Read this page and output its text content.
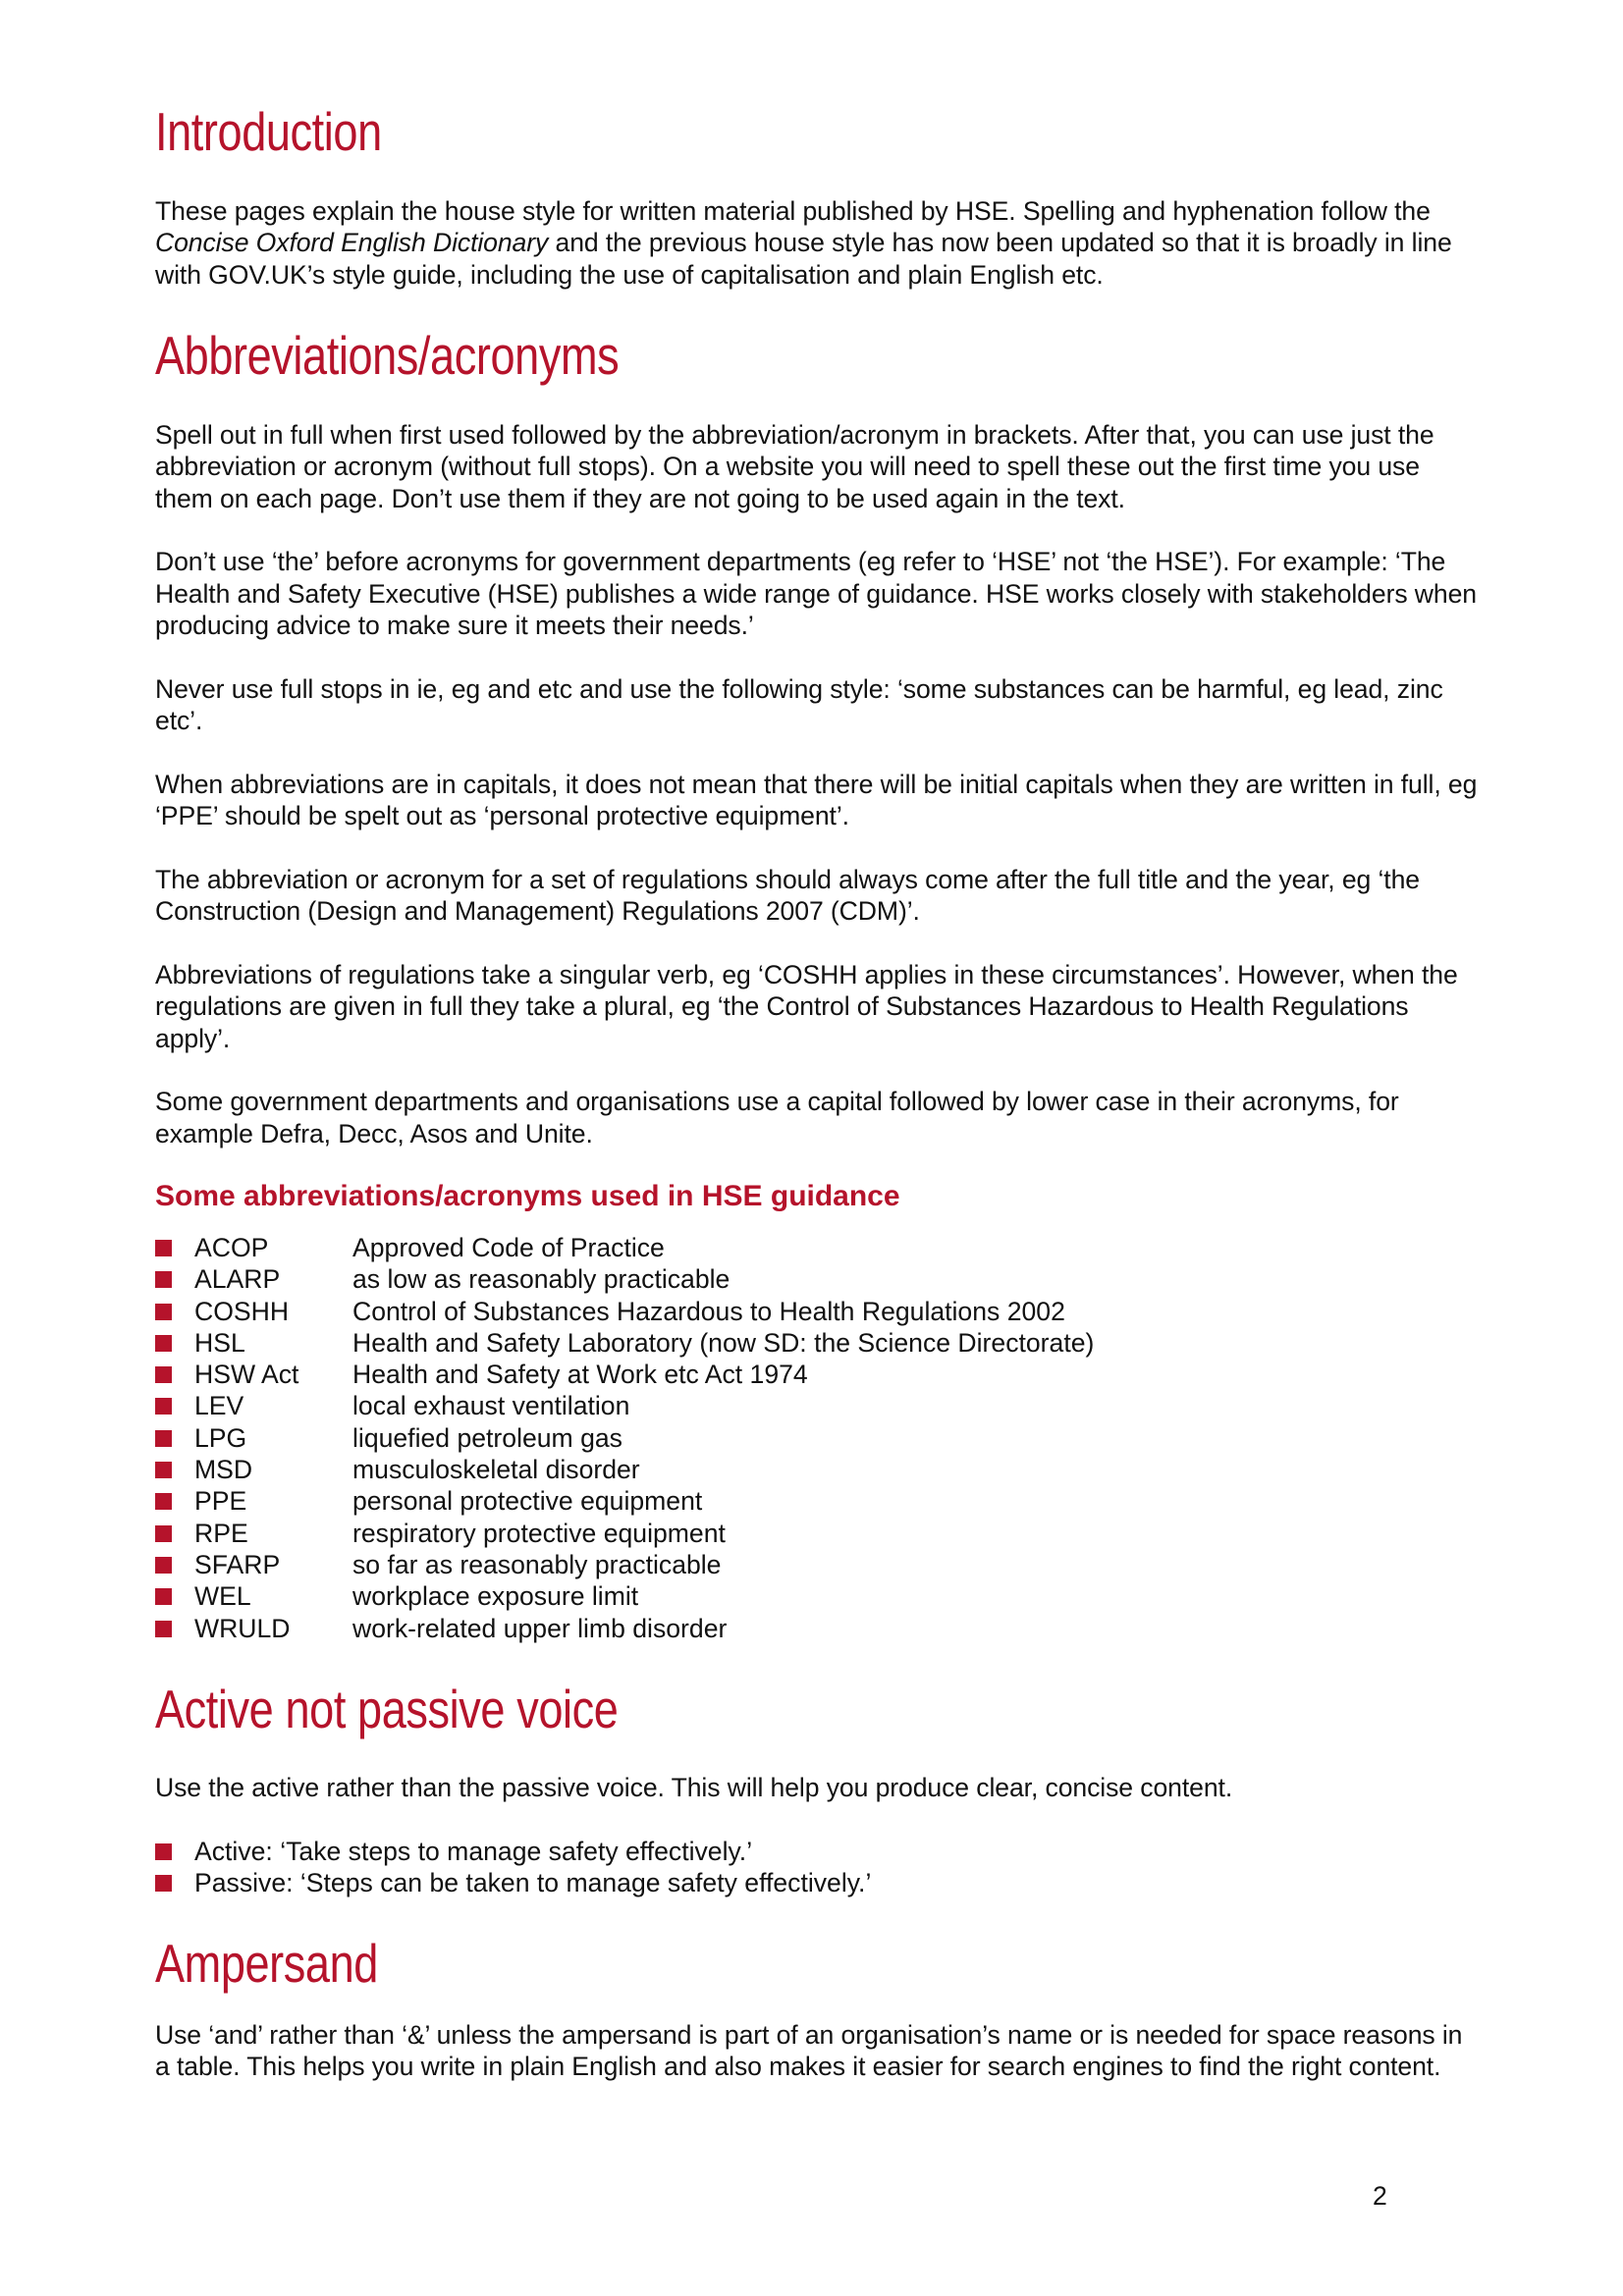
Introduction

These pages explain the house style for written material published by HSE. Spelling and hyphenation follow the Concise Oxford English Dictionary and the previous house style has now been updated so that it is broadly in line with GOV.UK’s style guide, including the use of capitalisation and plain English etc.

Abbreviations/acronyms

Spell out in full when first used followed by the abbreviation/acronym in brackets. After that, you can use just the abbreviation or acronym (without full stops). On a website you will need to spell these out the first time you use them on each page. Don’t use them if they are not going to be used again in the text.

Don’t use ‘the’ before acronyms for government departments (eg refer to ‘HSE’ not ‘the HSE’). For example: ‘The Health and Safety Executive (HSE) publishes a wide range of guidance. HSE works closely with stakeholders when producing advice to make sure it meets their needs.’

Never use full stops in ie, eg and etc and use the following style: ‘some substances can be harmful, eg lead, zinc etc’.

When abbreviations are in capitals, it does not mean that there will be initial capitals when they are written in full, eg ‘PPE’ should be spelt out as ‘personal protective equipment’.

The abbreviation or acronym for a set of regulations should always come after the full title and the year, eg ‘the Construction (Design and Management) Regulations 2007 (CDM)’.

Abbreviations of regulations take a singular verb, eg ‘COSHH applies in these circumstances’. However, when the regulations are given in full they take a plural, eg ‘the Control of Substances Hazardous to Health Regulations apply’.

Some government departments and organisations use a capital followed by lower case in their acronyms, for example Defra, Decc, Asos and Unite.

Some abbreviations/acronyms used in HSE guidance
ACOP	Approved Code of Practice
ALARP	as low as reasonably practicable
COSHH	Control of Substances Hazardous to Health Regulations 2002
HSL	Health and Safety Laboratory (now SD: the Science Directorate)
HSW Act	Health and Safety at Work etc Act 1974
LEV	local exhaust ventilation
LPG	liquefied petroleum gas
MSD	musculoskeletal disorder
PPE	personal protective equipment
RPE	respiratory protective equipment
SFARP	so far as reasonably practicable
WEL	workplace exposure limit
WRULD	work-related upper limb disorder
Active not passive voice

Use the active rather than the passive voice. This will help you produce clear, concise content.

Active: ‘Take steps to manage safety effectively.’
Passive: ‘Steps can be taken to manage safety effectively.’
Ampersand

Use ‘and’ rather than ‘&’ unless the ampersand is part of an organisation’s name or is needed for space reasons in a table. This helps you write in plain English and also makes it easier for search engines to find the right content.

2
